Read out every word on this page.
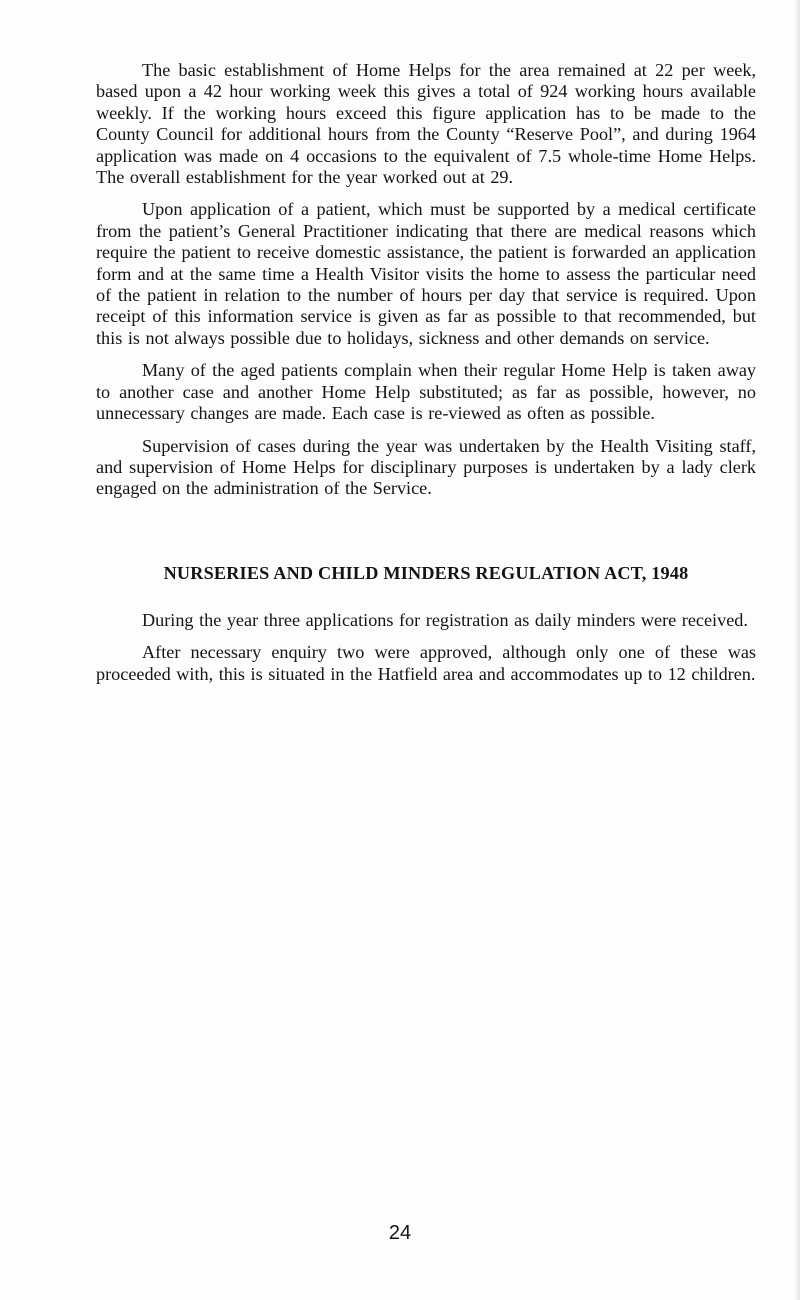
The basic establishment of Home Helps for the area remained at 22 per week, based upon a 42 hour working week this gives a total of 924 working hours available weekly. If the working hours exceed this figure application has to be made to the County Council for additional hours from the County “Reserve Pool”, and during 1964 application was made on 4 occasions to the equivalent of 7.5 whole-time Home Helps. The overall establishment for the year worked out at 29.

Upon application of a patient, which must be supported by a medical certificate from the patient’s General Practitioner indicating that there are medical reasons which require the patient to receive domestic assistance, the patient is forwarded an application form and at the same time a Health Visitor visits the home to assess the particular need of the patient in relation to the number of hours per day that service is required. Upon receipt of this information service is given as far as possible to that recommended, but this is not always possible due to holidays, sickness and other demands on service.

Many of the aged patients complain when their regular Home Help is taken away to another case and another Home Help substituted; as far as possible, however, no unnecessary changes are made. Each case is re-viewed as often as possible.

Supervision of cases during the year was undertaken by the Health Visiting staff, and supervision of Home Helps for disciplinary purposes is undertaken by a lady clerk engaged on the administration of the Service.

NURSERIES AND CHILD MINDERS REGULATION ACT, 1948

During the year three applications for registration as daily minders were received.

After necessary enquiry two were approved, although only one of these was proceeded with, this is situated in the Hatfield area and accommodates up to 12 children.

24
